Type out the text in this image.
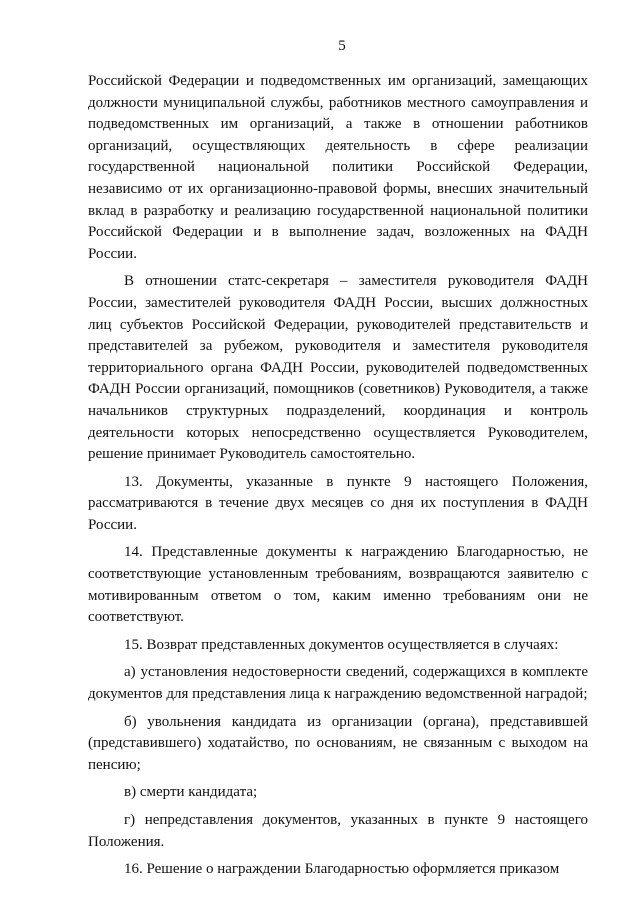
5

Российской Федерации и подведомственных им организаций, замещающих должности муниципальной службы, работников местного самоуправления и подведомственных им организаций, а также в отношении работников организаций, осуществляющих деятельность в сфере реализации государственной национальной политики Российской Федерации, независимо от их организационно-правовой формы, внесших значительный вклад в разработку и реализацию государственной национальной политики Российской Федерации и в выполнение задач, возложенных на ФАДН России.

В отношении статс-секретаря – заместителя руководителя ФАДН России, заместителей руководителя ФАДН России, высших должностных лиц субъектов Российской Федерации, руководителей представительств и представителей за рубежом, руководителя и заместителя руководителя территориального органа ФАДН России, руководителей подведомственных ФАДН России организаций, помощников (советников) Руководителя, а также начальников структурных подразделений, координация и контроль деятельности которых непосредственно осуществляется Руководителем, решение принимает Руководитель самостоятельно.

13. Документы, указанные в пункте 9 настоящего Положения, рассматриваются в течение двух месяцев со дня их поступления в ФАДН России.

14. Представленные документы к награждению Благодарностью, не соответствующие установленным требованиям, возвращаются заявителю с мотивированным ответом о том, каким именно требованиям они не соответствуют.

15. Возврат представленных документов осуществляется в случаях:

а) установления недостоверности сведений, содержащихся в комплекте документов для представления лица к награждению ведомственной наградой;

б) увольнения кандидата из организации (органа), представившей (представившего) ходатайство, по основаниям, не связанным с выходом на пенсию;

в) смерти кандидата;

г) непредставления документов, указанных в пункте 9 настоящего Положения.

16. Решение о награждении Благодарностью оформляется приказом
